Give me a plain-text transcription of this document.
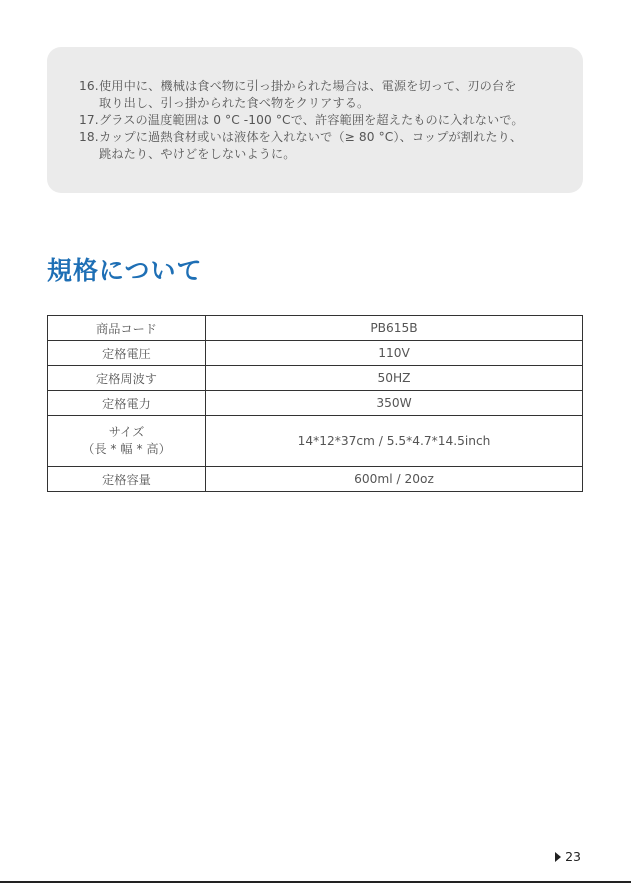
16. 使用中に、機械は食べ物に引っ掛かられた場合は、電源を切って、刃の台を
取り出し、引っ掛かられた食べ物をクリアする。
17. グラスの温度範囲は 0 °C -100 °Cで、許容範囲を超えたものに入れないで。
18. カップに過熱食材或いは液体を入れないで（≥ 80 °C）、コップが割れたり、
跳ねたり、やけどをしないように。
規格について
商品コード	PB615B

定格電圧	110V

定格周波す	50HZ

定格電力	350W

サイズ
（長 * 幅 * 高）	14*12*37cm / 5.5*4.7*14.5inch

定格容量	600ml / 20oz
23
